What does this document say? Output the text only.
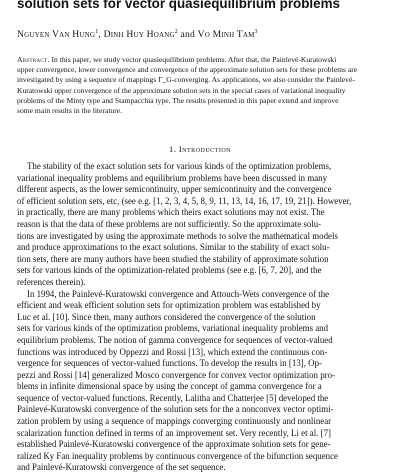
solution sets for vector quasiequilibrium problems
Nguyen Van Hung$^1$, Dinh Huy Hoang$^2$ and Vo Minh Tam$^3$
Abstract. In this paper, we study vector quasiequilibrium problems. After that, the Painlevé-Kuratowski
upper convergence, lower convergence and convergence of the approximate solution sets for these problems are
investigated by using a sequence of mappings Γ_G-converging. As applications, we also consider the Painlevé-
Kuratowski upper convergence of the approximate solution sets in the special cases of variational inequality
problems of the Minty type and Stampacchia type. The results presented in this paper extend and improve
some main results in the literature.
1. Introduction
The stability of the exact solution sets for various kinds of the optimization problems,
variational inequality problems and equilibrium problems have been discussed in many
different aspects, as the lower semicontinuity, upper semicontinuity and the convergence
of efficient solution sets, etc, (see e.g. [1, 2, 3, 4, 5, 8, 9, 11, 13, 14, 16, 17, 19, 21]). However,
in practically, there are many problems which theirs exact solutions may not exist. The
reason is that the data of these problems are not sufficiently. So the approximate solu-
tions are investigated by using the approximate methods to solve the mathematical models
and produce approximations to the exact solutions. Similar to the stability of exact solu-
tion sets, there are many authors have been studied the stability of approximate solution
sets for various kinds of the optimization-related problems (see e.g. [6, 7, 20], and the
references therein).
In 1994, the Painlevé-Kuratowski convergence and Attouch-Wets convergence of the
efficient and weak efficient solution sets for optimization problem was established by
Luc et al. [10]. Since then, many authors considered the convergence of the solution
sets for various kinds of the optimization problems, variational inequality problems and
equilibrium problems. The notion of gamma convergence for sequences of vector-valued
functions was introduced by Oppezzi and Rossi [13], which extend the continuous con-
vergence for sequences of vector-valued functions. To develop the results in [13], Op-
pezzi and Rossi [14] generalized Mosco convergence for convex vector optimization pro-
blems in infinite dimensional space by using the concept of gamma convergence for a
sequence of vector-valued functions. Recently, Lalitha and Chatterjee [5] developed the
Painlevé-Kuratowski convergence of the solution sets for the a nonconvex vector optimi-
zation problem by using a sequence of mappings converging continuously and nonlinear
scalarization function defined in terms of an improvement set. Very recently, Li et al. [7]
established Painlevé-Kuratowski convergence of the approximate solution sets for gene-
ralized Ky Fan inequality problems by continuous convergence of the bifunction sequence
and Painlevé-Kuratowski convergence of the set sequence.
